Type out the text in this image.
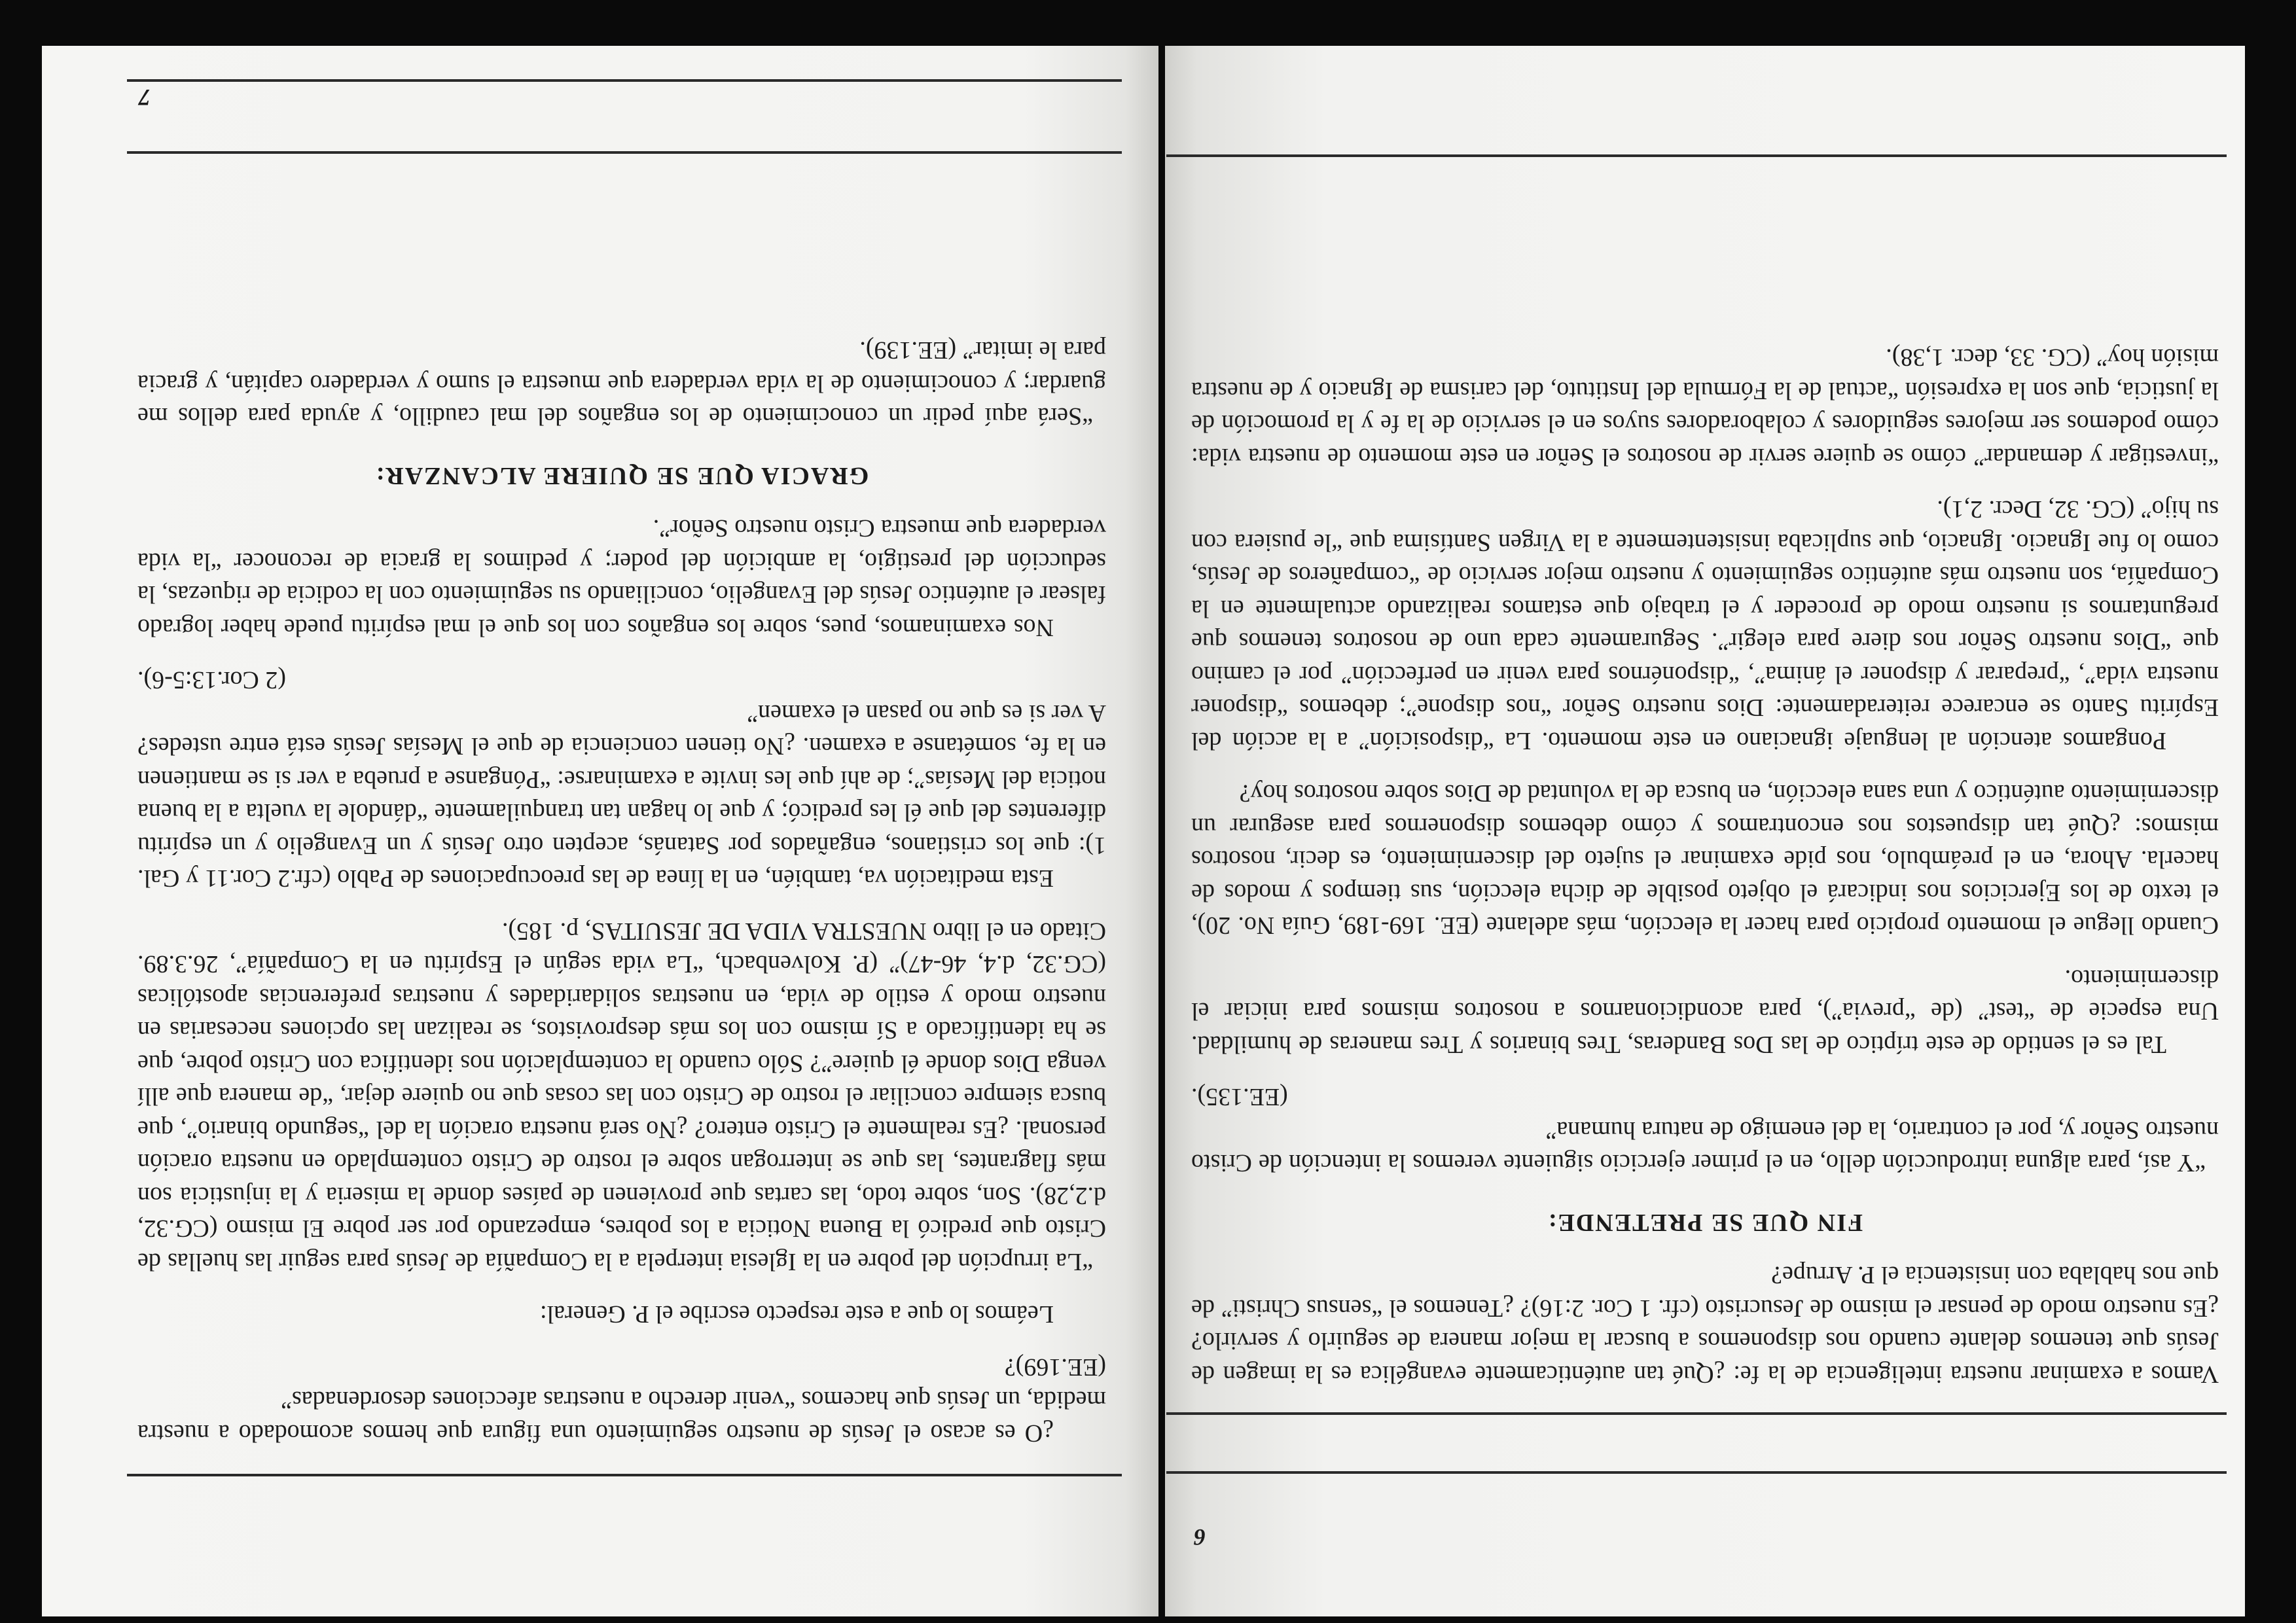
6

Vamos a examinar nuestra inteligencia de la fe: ¿Qué tan auténticamente evangélica es la imagen de Jesús que tenemos delante cuando nos disponemos a buscar la mejor manera de seguirlo y servirlo? ¿Es nuestro modo de pensar el mismo de Jesucristo (cfr. 1 Cor. 2:16)? ¿Tenemos el “sensus Christi” de que nos hablaba con insistencia el P. Arrupe?

FIN QUE SE PRETENDE:

“Y así, para alguna introducción dello, en el primer ejercicio siguiente veremos la intención de Cristo nuestro Señor y, por el contrario, la del enemigo de natura humana”

(EE.135).

Tal es el sentido de este tríptico de las Dos Banderas, Tres binarios y Tres maneras de humildad. Una especie de “test” (de “previa”), para acondicionarnos a nosotros mismos para iniciar el discernimiento.

Cuando llegue el momento propicio para hacer la elección, más adelante (EE. 169-189, Guía No. 20), el texto de los Ejercicios nos indicará el objeto posible de dicha elección, sus tiempos y modos de hacerla. Ahora, en el preámbulo, nos pide examinar el sujeto del discernimiento, es decir, nosotros mismos: ¿Qué tan dispuestos nos encontramos y cómo debemos disponernos para asegurar un discernimiento auténtico y una sana elección, en busca de la voluntad de Dios sobre nosotros hoy?

Pongamos atención al lenguaje ignaciano en este momento. La “disposición” a la acción del Espíritu Santo se encarece reiteradamente: Dios nuestro Señor “nos dispone”; debemos “disponer nuestra vida”, “preparar y disponer el ánima”, “disponérnos para venir en perfección” por el camino que “Dios nuestro Señor nos diere para elegir”. Seguramente cada uno de nosotros tenemos que preguntarnos si nuestro modo de proceder y el trabajo que estamos realizando actualmente en la Compañía, son nuestro más auténtico seguimiento y nuestro mejor servicio de “compañeros de Jesús, como lo fue Ignacio. Ignacio, que suplicaba insistentemente a la Virgen Santísima que “le pusiera con su hijo” (CG. 32, Decr. 2,1).

“investigar y demandar” cómo se quiere servir de nosotros el Señor en este momento de nuestra vida: cómo podemos ser mejores seguidores y colaboradores suyos en el servicio de la fe y la promoción de la justicia, que son la expresión “actual de la Fórmula del Instituto, del carisma de Ignacio y de nuestra misión hoy” (CG. 33, decr. 1,38).

¿O es acaso el Jesús de nuestro seguimiento una figura que hemos acomodado a nuestra medida, un Jesús que hacemos “venir derecho a nuestras afecciones desordenadas”

(EE.169)?

Leámos lo que a este respecto escribe el P. General:

“La irrupción del pobre en la Iglesia interpela a la Compañía de Jesús para seguir las huellas de Cristo que predicó la Buena Noticia a los pobres, empezando por ser pobre El mismo (CG.32, d.2,28). Son, sobre todo, las cartas que provienen de países donde la miseria y la injusticia son más flagrantes, las que se interrogan sobre el rostro de Cristo contemplado en nuestra oración personal. ¿Es realmente el Cristo entero? ¿No será nuestra oración la del “segundo binario”, que busca siempre conciliar el rostro de Cristo con las cosas que no quiere dejar, “de manera que allí venga Dios donde él quiere”? Sólo cuando la contemplación nos identifica con Cristo pobre, que se ha identificado a Sí mismo con los más desprovistos, se realizan las opciones necesarias en nuestro modo y estilo de vida, en nuestras solidaridades y nuestras preferencias apostólicas (CG.32, d.4, 46-47)” (P. Kolvenbach, “La vida según el Espíritu en la Compañía”, 26.3.89. Citado en el libro NUESTRA VIDA DE JESUITAS, p. 185).

Esta meditación va, también, en la línea de las preocupaciones de Pablo (cfr.2 Cor.11 y Gal. 1): que los cristianos, engañados por Satanás, acepten otro Jesús y un Evangelio y un espíritu diferentes del que él les predicó; y que lo hagan tan tranquilamente “dándole la vuelta a la buena noticia del Mesías”; de ahí que les invite a examinarse: “Pónganse a prueba a ver si se mantienen en la fe, sométanse a examen. ¿No tienen conciencia de que el Mesías Jesús está entre ustedes? A ver si es que no pasan el examen”

(2 Cor.13:5-6).

Nos examinamos, pues, sobre los engaños con los que el mal espíritu puede haber logrado falsear el auténtico Jesús del Evangelio, conciliando su seguimiento con la codicia de riquezas, la seducción del prestigio, la ambición del poder; y pedimos la gracia de reconocer “la vida verdadera que muestra Cristo nuestro Señor”.

GRACIA QUE SE QUIERE ALCANZAR:

“Será aquí pedir un conocimiento de los engaños del mal caudillo, y ayuda para dellos me guardar; y conocimiento de la vida verdadera que muestra el sumo y verdadero capitán, y gracia para le imitar” (EE.139).

7
